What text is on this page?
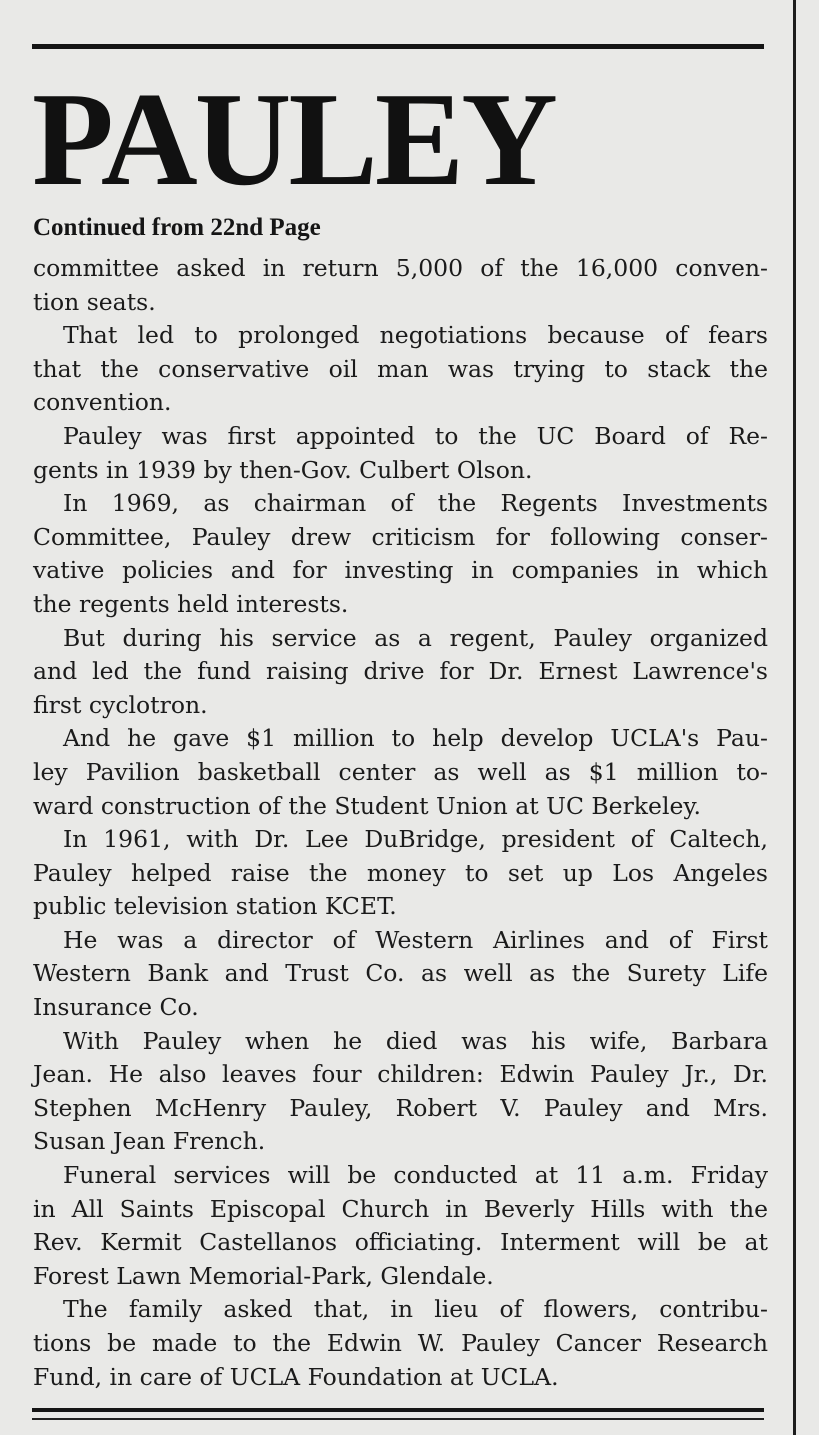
PAULEY
Continued from 22nd Page
committee asked in return 5,000 of the 16,000 conven-
tion seats.
That led to prolonged negotiations because of fears
that the conservative oil man was trying to stack the
convention.
Pauley was first appointed to the UC Board of Re-
gents in 1939 by then-Gov. Culbert Olson.
In 1969, as chairman of the Regents Investments
Committee, Pauley drew criticism for following conser-
vative policies and for investing in companies in which
the regents held interests.
But during his service as a regent, Pauley organized
and led the fund raising drive for Dr. Ernest Lawrence's
first cyclotron.
And he gave $1 million to help develop UCLA's Pau-
ley Pavilion basketball center as well as $1 million to-
ward construction of the Student Union at UC Berkeley.
In 1961, with Dr. Lee DuBridge, president of Caltech,
Pauley helped raise the money to set up Los Angeles
public television station KCET.
He was a director of Western Airlines and of First
Western Bank and Trust Co. as well as the Surety Life
Insurance Co.
With Pauley when he died was his wife, Barbara
Jean. He also leaves four children: Edwin Pauley Jr., Dr.
Stephen McHenry Pauley, Robert V. Pauley and Mrs.
Susan Jean French.
Funeral services will be conducted at 11 a.m. Friday
in All Saints Episcopal Church in Beverly Hills with the
Rev. Kermit Castellanos officiating. Interment will be at
Forest Lawn Memorial-Park, Glendale.
The family asked that, in lieu of flowers, contribu-
tions be made to the Edwin W. Pauley Cancer Research
Fund, in care of UCLA Foundation at UCLA.
